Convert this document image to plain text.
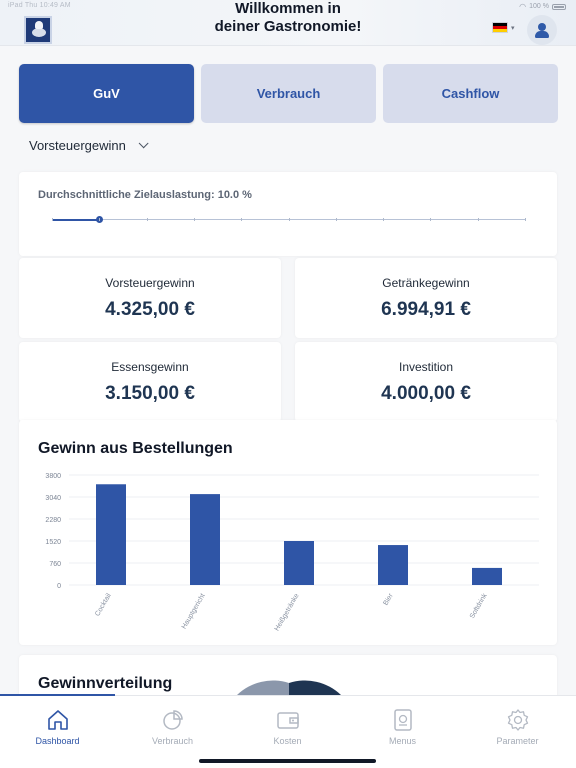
iPad Thu 10:49 AM	◠ 100 %
Willkommen in
deiner Gastronomie!	▾
GuV	Verbrauch	Cashflow
Vorsteuergewinn
Durchschnittliche Zielauslastung: 10.0 %
Vorsteuergewinn
4.325,00 €
Getränkegewinn
6.994,91 €
Essensgewinn
3.150,00 €
Investition
4.000,00 €
Gewinn aus Bestellungen
0
760
1520
2280
3040
3800
Cocktail	Hauptgericht	Heißgetränke	Bier	Softdrink
Gewinnverteilung
Dashboard	Verbrauch	Kosten	Menus	Parameter
